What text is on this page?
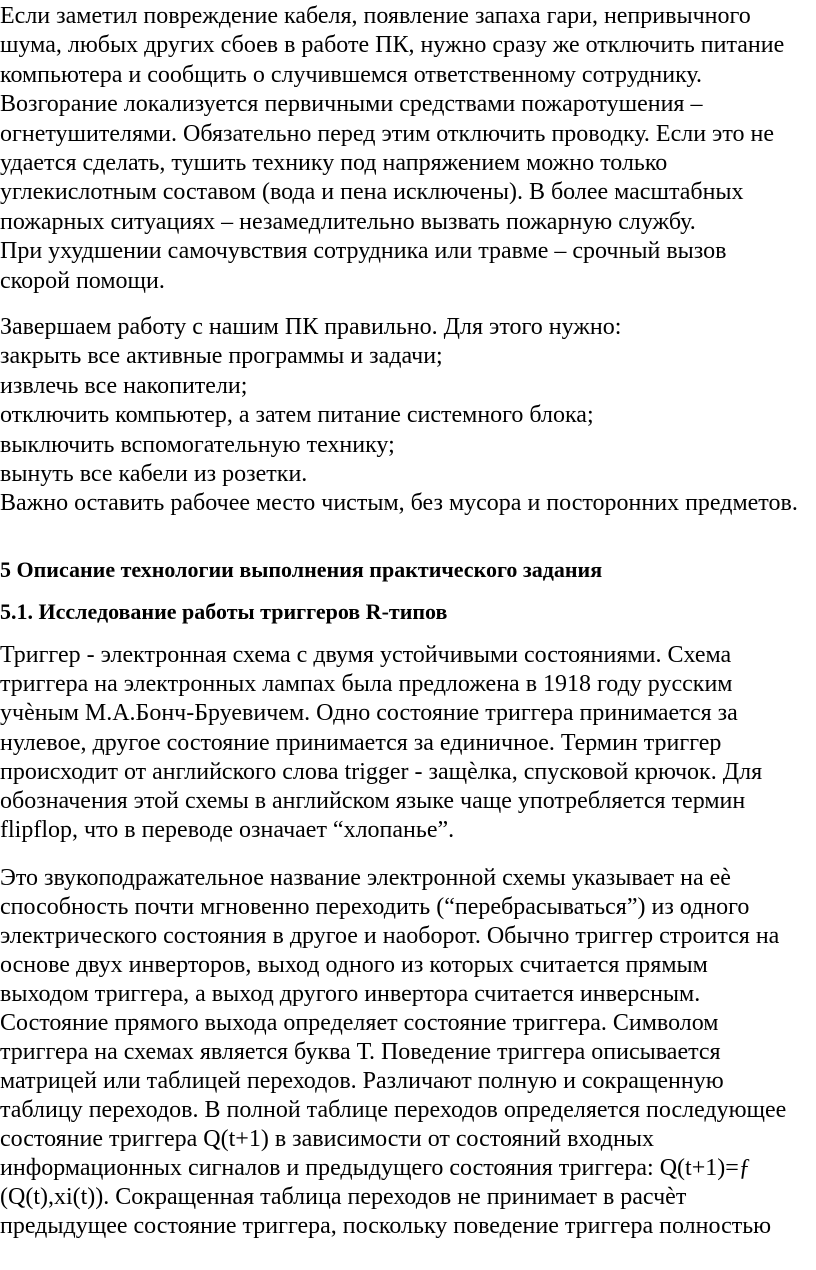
Если заметил повреждение кабеля, появление запаха гари, непривычного
шума, любых других сбоев в работе ПК, нужно сразу же отключить питание
компьютера и сообщить о случившемся ответственному сотруднику.
Возгорание локализуется первичными средствами пожаротушения –
огнетушителями. Обязательно перед этим отключить проводку. Если это не
удается сделать, тушить технику под напряжением можно только
углекислотным составом (вода и пена исключены). В более масштабных
пожарных ситуациях – незамедлительно вызвать пожарную службу.
При ухудшении самочувствия сотрудника или травме – срочный вызов
скорой помощи.
Завершаем работу с нашим ПК правильно. Для этого нужно:
закрыть все активные программы и задачи;
извлечь все накопители;
отключить компьютер, а затем питание системного блока;
выключить вспомогательную технику;
вынуть все кабели из розетки.
Важно оставить рабочее место чистым, без мусора и посторонних предметов.
5 Описание технологии выполнения практического задания
5.1. Исследование работы триггеров R-типов
Триггер - электронная схема с двумя устойчивыми состояниями. Схема
триггера на электронных лампах была предложена в 1918 году русским
учѐным М.А.Бонч-Бруевичем. Одно состояние триггера принимается за
нулевое, другое состояние принимается за единичное. Термин триггер
происходит от английского слова trigger - защѐлка, спусковой крючок. Для
обозначения этой схемы в английском языке чаще употребляется термин
flipflop, что в переводе означает “хлопанье”.
Это звукоподражательное название электронной схемы указывает на еѐ
способность почти мгновенно переходить (“перебрасываться”) из одного
электрического состояния в другое и наоборот. Обычно триггер строится на
основе двух инверторов, выход одного из которых считается прямым
выходом триггера, а выход другого инвертора считается инверсным.
Состояние прямого выхода определяет состояние триггера. Символом
триггера на схемах является буква Т. Поведение триггера описывается
матрицей или таблицей переходов. Различают полную и сокращенную
таблицу переходов. В полной таблице переходов определяется последующее
состояние триггера Q(t+1) в зависимости от состояний входных
информационных сигналов и предыдущего состояния триггера: Q(t+1)=ƒ
(Q(t),xi(t)). Сокращенная таблица переходов не принимает в расчѐт
предыдущее состояние триггера, поскольку поведение триггера полностью
